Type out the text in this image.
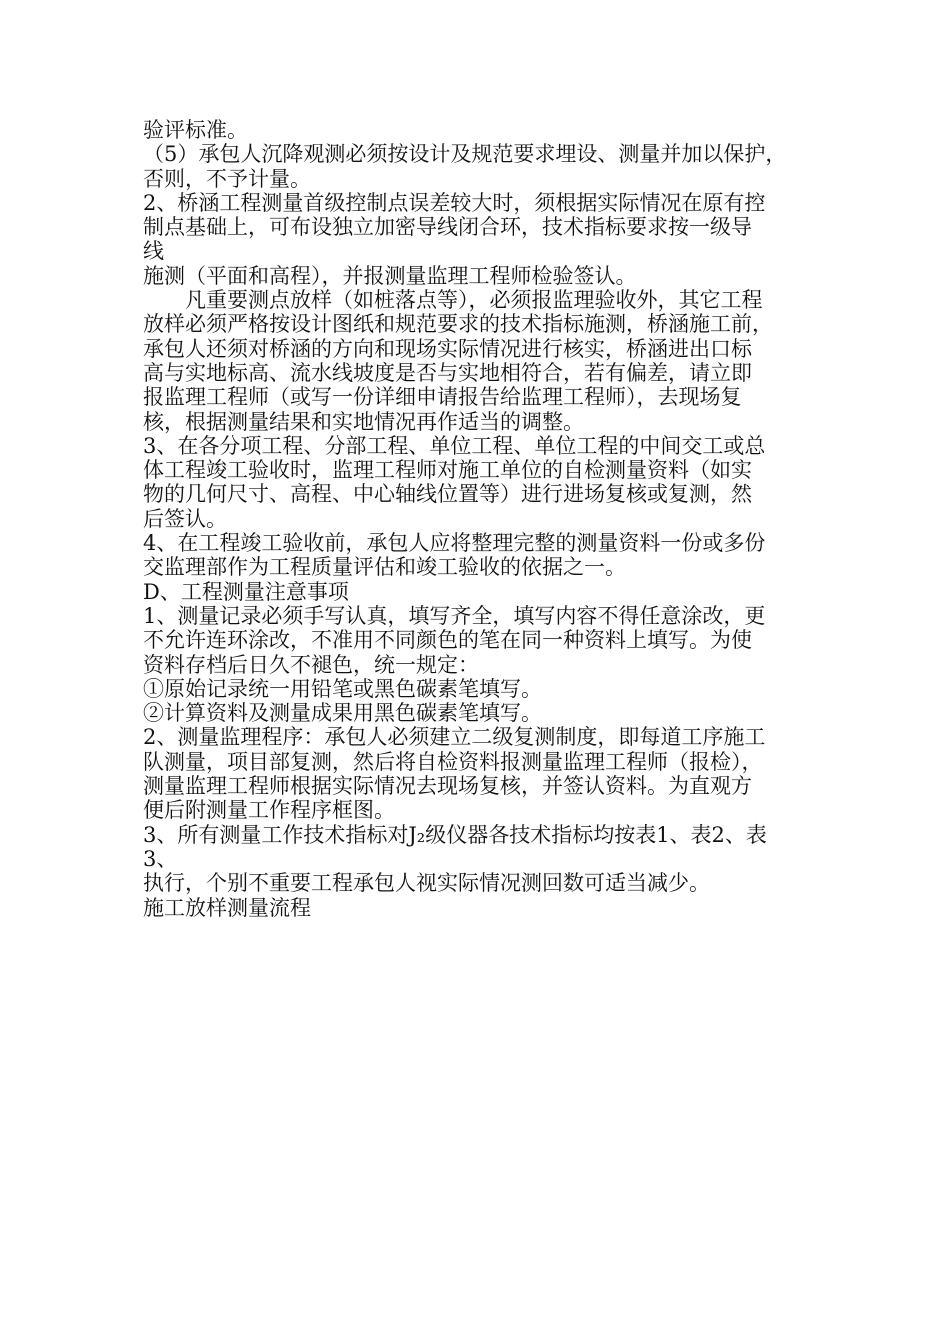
验评标准。
（5）承包人沉降观测必须按设计及规范要求埋设、测量并加以保护，
否则，不予计量。
2、桥涵工程测量首级控制点误差较大时，须根据实际情况在原有控
制点基础上，可布设独立加密导线闭合环，技术指标要求按一级导
线
施测（平面和高程），并报测量监理工程师检验签认。
凡重要测点放样（如桩落点等），必须报监理验收外，其它工程
放样必须严格按设计图纸和规范要求的技术指标施测，桥涵施工前，
承包人还须对桥涵的方向和现场实际情况进行核实，桥涵进出口标
高与实地标高、流水线坡度是否与实地相符合，若有偏差，请立即
报监理工程师（或写一份详细申请报告给监理工程师），去现场复
核，根据测量结果和实地情况再作适当的调整。
3、在各分项工程、分部工程、单位工程、单位工程的中间交工或总
体工程竣工验收时，监理工程师对施工单位的自检测量资料（如实
物的几何尺寸、高程、中心轴线位置等）进行进场复核或复测，然
后签认。
4、在工程竣工验收前，承包人应将整理完整的测量资料一份或多份
交监理部作为工程质量评估和竣工验收的依据之一。
D、工程测量注意事项
1、测量记录必须手写认真，填写齐全，填写内容不得任意涂改，更
不允许连环涂改，不准用不同颜色的笔在同一种资料上填写。为使
资料存档后日久不褪色，统一规定：
①原始记录统一用铅笔或黑色碳素笔填写。
②计算资料及测量成果用黑色碳素笔填写。
2、测量监理程序：承包人必须建立二级复测制度，即每道工序施工
队测量，项目部复测，然后将自检资料报测量监理工程师（报检），
测量监理工程师根据实际情况去现场复核，并签认资料。为直观方
便后附测量工作程序框图。
3、所有测量工作技术指标对J₂级仪器各技术指标均按表1、表2、表
3、
执行，个别不重要工程承包人视实际情况测回数可适当减少。
施工放样测量流程
